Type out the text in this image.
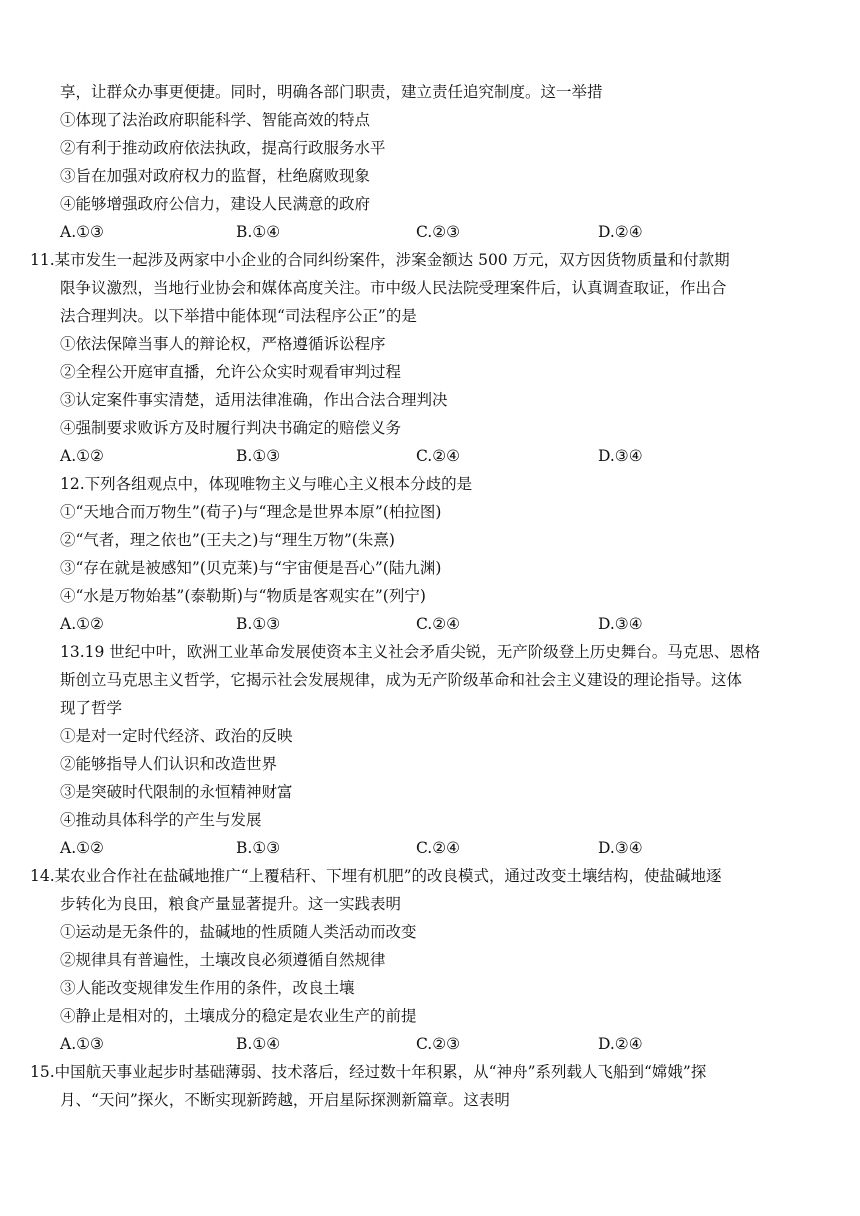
享，让群众办事更便捷。同时，明确各部门职责，建立责任追究制度。这一举措
①体现了法治政府职能科学、智能高效的特点
②有利于推动政府依法执政，提高行政服务水平
③旨在加强对政府权力的监督，杜绝腐败现象
④能够增强政府公信力，建设人民满意的政府
A.①③	B.①④	C.②③	D.②④
11.某市发生一起涉及两家中小企业的合同纠纷案件，涉案金额达 500 万元，双方因货物质量和付款期
限争议激烈，当地行业协会和媒体高度关注。市中级人民法院受理案件后，认真调查取证，作出合
法合理判决。以下举措中能体现“司法程序公正”的是
①依法保障当事人的辩论权，严格遵循诉讼程序
②全程公开庭审直播，允许公众实时观看审判过程
③认定案件事实清楚，适用法律准确，作出合法合理判决
④强制要求败诉方及时履行判决书确定的赔偿义务
A.①②	B.①③	C.②④	D.③④
12.下列各组观点中，体现唯物主义与唯心主义根本分歧的是
①“天地合而万物生”(荀子)与“理念是世界本原”(柏拉图)
②“气者，理之依也”(王夫之)与“理生万物”(朱熹)
③“存在就是被感知”(贝克莱)与“宇宙便是吾心”(陆九渊)
④“水是万物始基”(泰勒斯)与“物质是客观实在”(列宁)
A.①②	B.①③	C.②④	D.③④
13.19 世纪中叶，欧洲工业革命发展使资本主义社会矛盾尖锐，无产阶级登上历史舞台。马克思、恩格
斯创立马克思主义哲学，它揭示社会发展规律，成为无产阶级革命和社会主义建设的理论指导。这体
现了哲学
①是对一定时代经济、政治的反映
②能够指导人们认识和改造世界
③是突破时代限制的永恒精神财富
④推动具体科学的产生与发展
A.①②	B.①③	C.②④	D.③④
14.某农业合作社在盐碱地推广“上覆秸秆、下埋有机肥”的改良模式，通过改变土壤结构，使盐碱地逐
步转化为良田，粮食产量显著提升。这一实践表明
①运动是无条件的，盐碱地的性质随人类活动而改变
②规律具有普遍性，土壤改良必须遵循自然规律
③人能改变规律发生作用的条件，改良土壤
④静止是相对的，土壤成分的稳定是农业生产的前提
A.①③	B.①④	C.②③	D.②④
15.中国航天事业起步时基础薄弱、技术落后，经过数十年积累，从“神舟”系列载人飞船到“嫦娥”探
月、“天问”探火，不断实现新跨越，开启星际探测新篇章。这表明
